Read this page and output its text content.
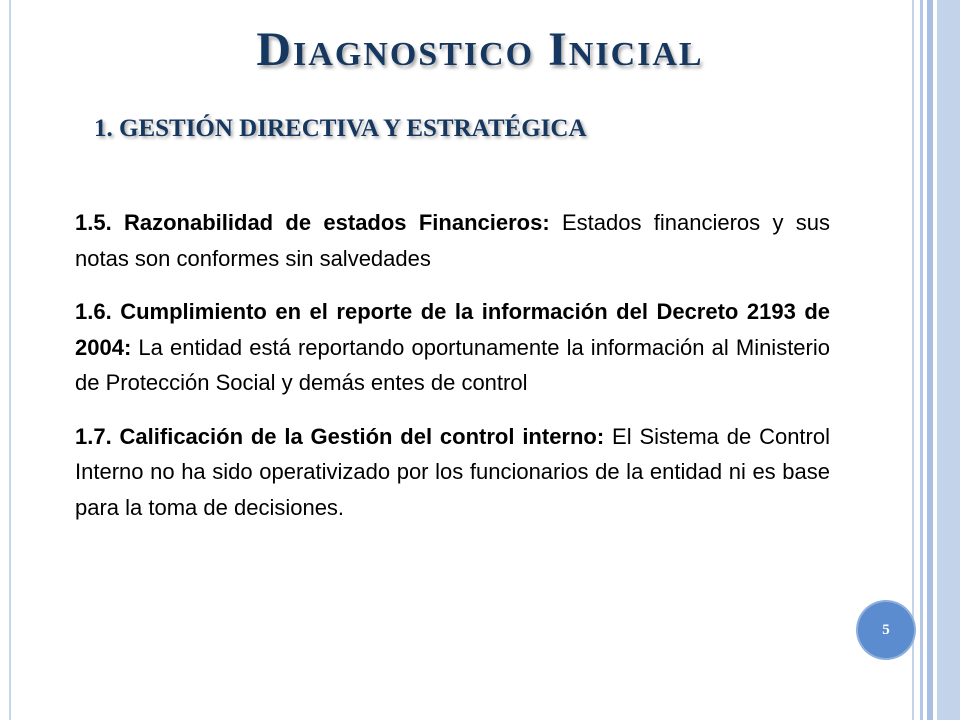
Diagnostico Inicial
1. GESTIÓN DIRECTIVA Y ESTRATÉGICA

1.5. Razonabilidad de estados Financieros: Estados financieros y sus notas son conformes sin salvedades

1.6. Cumplimiento en el reporte de la información del Decreto 2193 de 2004: La entidad está reportando oportunamente la información al Ministerio de Protección Social y demás entes de control

1.7. Calificación de la Gestión del control interno: El Sistema de Control Interno no ha sido operativizado por los funcionarios de la entidad ni es base para la toma de decisiones.

5
